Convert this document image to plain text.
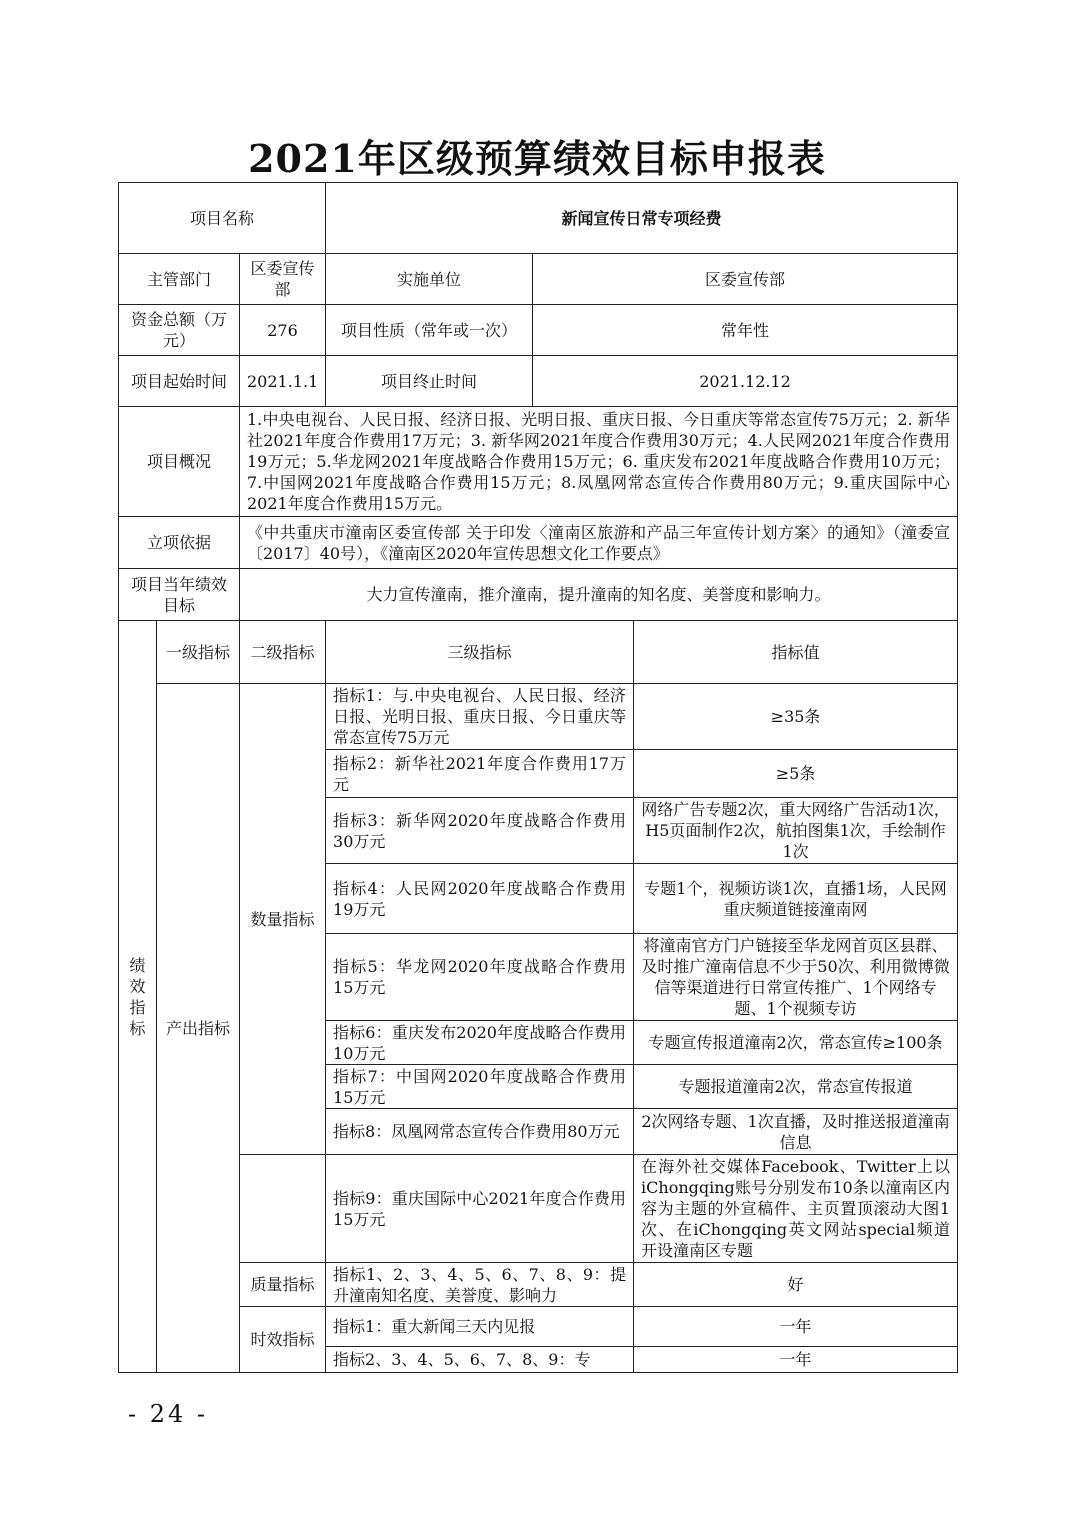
2021年区级预算绩效目标申报表
项目名称			新闻宣传日常专项经费		
主管部门		区委宣传部	实施单位	区委宣传部	
资金总额（万元）		276	项目性质（常年或一次）	常年性	
项目起始时间		2021.1.1	项目终止时间	2021.12.12	
项目概况		1.中央电视台、人民日报、经济日报、光明日报、重庆日报、今日重庆等常态宣传75万元；2. 新华社2021年度合作费用17万元；3. 新华网2021年度合作费用30万元；4.人民网2021年度合作费用19万元；5.华龙网2021年度战略合作费用15万元；6. 重庆发布2021年度战略合作费用10万元；7.中国网2021年度战略合作费用15万元；8.凤凰网常态宣传合作费用80万元；9.重庆国际中心2021年度合作费用15万元。			
立项依据		《中共重庆市潼南区委宣传部 关于印发〈潼南区旅游和产品三年宣传计划方案〉的通知》（潼委宣〔2017〕40号），《潼南区2020年宣传思想文化工作要点》			
项目当年绩效目标		大力宣传潼南，推介潼南，提升潼南的知名度、美誉度和影响力。			
绩效指标	一级指标	二级指标	三级指标		指标值
	产出指标	数量指标	指标1：与.中央电视台、人民日报、经济日报、光明日报、重庆日报、今日重庆等常态宣传75万元		≥35条
			指标2：新华社2021年度合作费用17万元		≥5条
			指标3：新华网2020年度战略合作费用30万元		网络广告专题2次，重大网络广告活动1次，H5页面制作2次，航拍图集1次，手绘制作1次
			指标4：人民网2020年度战略合作费用19万元		专题1个，视频访谈1次，直播1场，人民网重庆频道链接潼南网
			指标5：华龙网2020年度战略合作费用15万元		将潼南官方门户链接至华龙网首页区县群、及时推广潼南信息不少于50次、利用微博微信等渠道进行日常宣传推广、1个网络专题、1个视频专访
			指标6：重庆发布2020年度战略合作费用10万元		专题宣传报道潼南2次，常态宣传≥100条
			指标7：中国网2020年度战略合作费用15万元		专题报道潼南2次，常态宣传报道
			指标8：凤凰网常态宣传合作费用80万元		2次网络专题、1次直播，及时推送报道潼南信息
			指标9：重庆国际中心2021年度合作费用15万元		在海外社交媒体Facebook、Twitter上以iChongqing账号分别发布10条以潼南区内容为主题的外宣稿件、主页置顶滚动大图1次、在iChongqing英文网站special频道开设潼南区专题
		质量指标	指标1、2、3、4、5、6、7、8、9：提升潼南知名度、美誉度、影响力		好
		时效指标	指标1：重大新闻三天内见报		一年
			指标2、3、4、5、6、7、8、9：专		一年
- 24 -
